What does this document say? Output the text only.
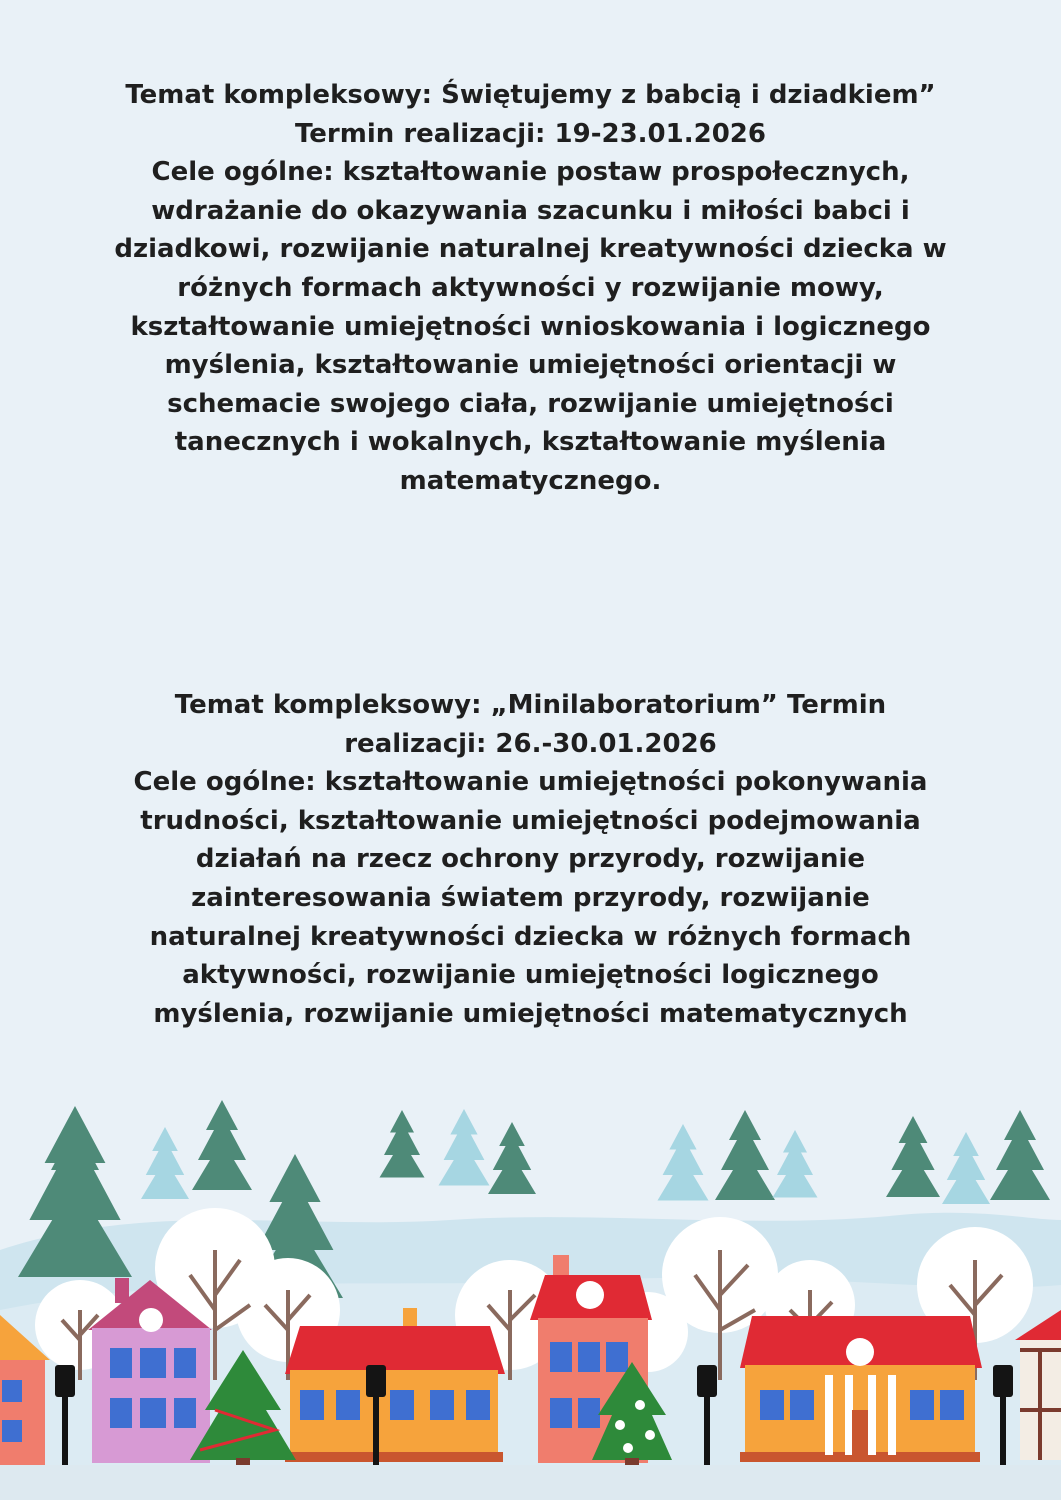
Temat kompleksowy: Świętujemy z babcią i dziadkiem”

Termin realizacji: 19-23.01.2026

Cele ogólne: kształtowanie postaw prospołecznych,

wdrażanie do okazywania szacunku i miłości babci i

dziadkowi, rozwijanie naturalnej kreatywności dziecka w

różnych formach aktywności y rozwijanie mowy,

kształtowanie umiejętności wnioskowania i logicznego

myślenia, kształtowanie umiejętności orientacji w

schemacie swojego ciała, rozwijanie umiejętności

tanecznych i wokalnych, kształtowanie myślenia

matematycznego.

Temat kompleksowy: „Minilaboratorium” Termin

realizacji: 26.-30.01.2026

Cele ogólne: kształtowanie umiejętności pokonywania

trudności, kształtowanie umiejętności podejmowania

działań na rzecz ochrony przyrody, rozwijanie

zainteresowania światem przyrody, rozwijanie

naturalnej kreatywności dziecka w różnych formach

aktywności, rozwijanie umiejętności logicznego

myślenia, rozwijanie umiejętności matematycznych
